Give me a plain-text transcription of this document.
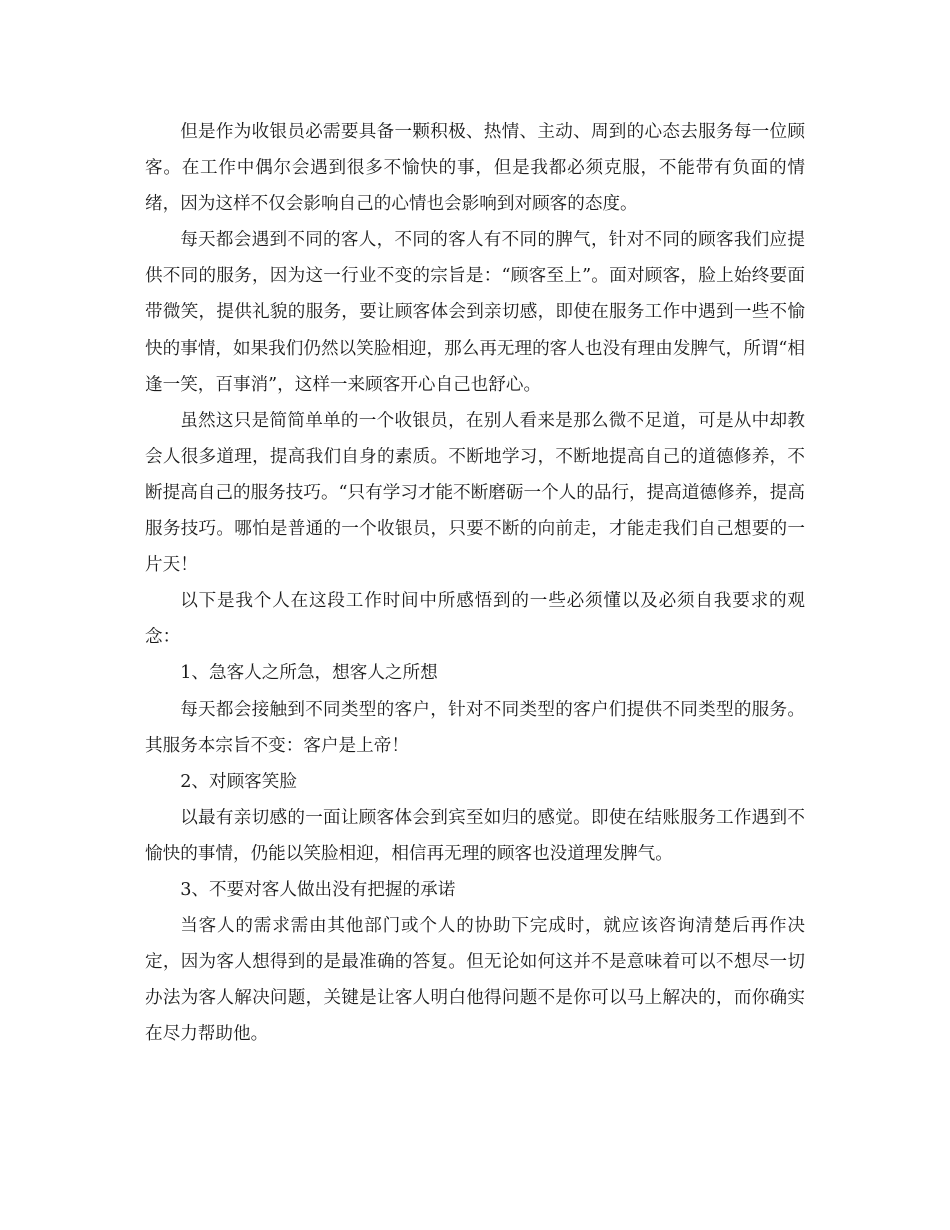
但是作为收银员必需要具备一颗积极、热情、主动、周到的心态去服务每一位顾客。在工作中偶尔会遇到很多不愉快的事，但是我都必须克服，不能带有负面的情绪，因为这样不仅会影响自己的心情也会影响到对顾客的态度。

每天都会遇到不同的客人，不同的客人有不同的脾气，针对不同的顾客我们应提供不同的服务，因为这一行业不变的宗旨是：“顾客至上”。面对顾客，脸上始终要面带微笑，提供礼貌的服务，要让顾客体会到亲切感，即使在服务工作中遇到一些不愉快的事情，如果我们仍然以笑脸相迎，那么再无理的客人也没有理由发脾气，所谓“相逢一笑，百事消”，这样一来顾客开心自己也舒心。

虽然这只是简简单单的一个收银员，在别人看来是那么微不足道，可是从中却教会人很多道理，提高我们自身的素质。不断地学习，不断地提高自己的道德修养，不断提高自己的服务技巧。“只有学习才能不断磨砺一个人的品行，提高道德修养，提高服务技巧。哪怕是普通的一个收银员，只要不断的向前走，才能走我们自己想要的一片天！

以下是我个人在这段工作时间中所感悟到的一些必须懂以及必须自我要求的观念：

1、急客人之所急，想客人之所想

每天都会接触到不同类型的客户，针对不同类型的客户们提供不同类型的服务。其服务本宗旨不变：客户是上帝！

2、对顾客笑脸

以最有亲切感的一面让顾客体会到宾至如归的感觉。即使在结账服务工作遇到不愉快的事情，仍能以笑脸相迎，相信再无理的顾客也没道理发脾气。

3、不要对客人做出没有把握的承诺

当客人的需求需由其他部门或个人的协助下完成时，就应该咨询清楚后再作决定，因为客人想得到的是最准确的答复。但无论如何这并不是意味着可以不想尽一切办法为客人解决问题，关键是让客人明白他得问题不是你可以马上解决的，而你确实在尽力帮助他。
